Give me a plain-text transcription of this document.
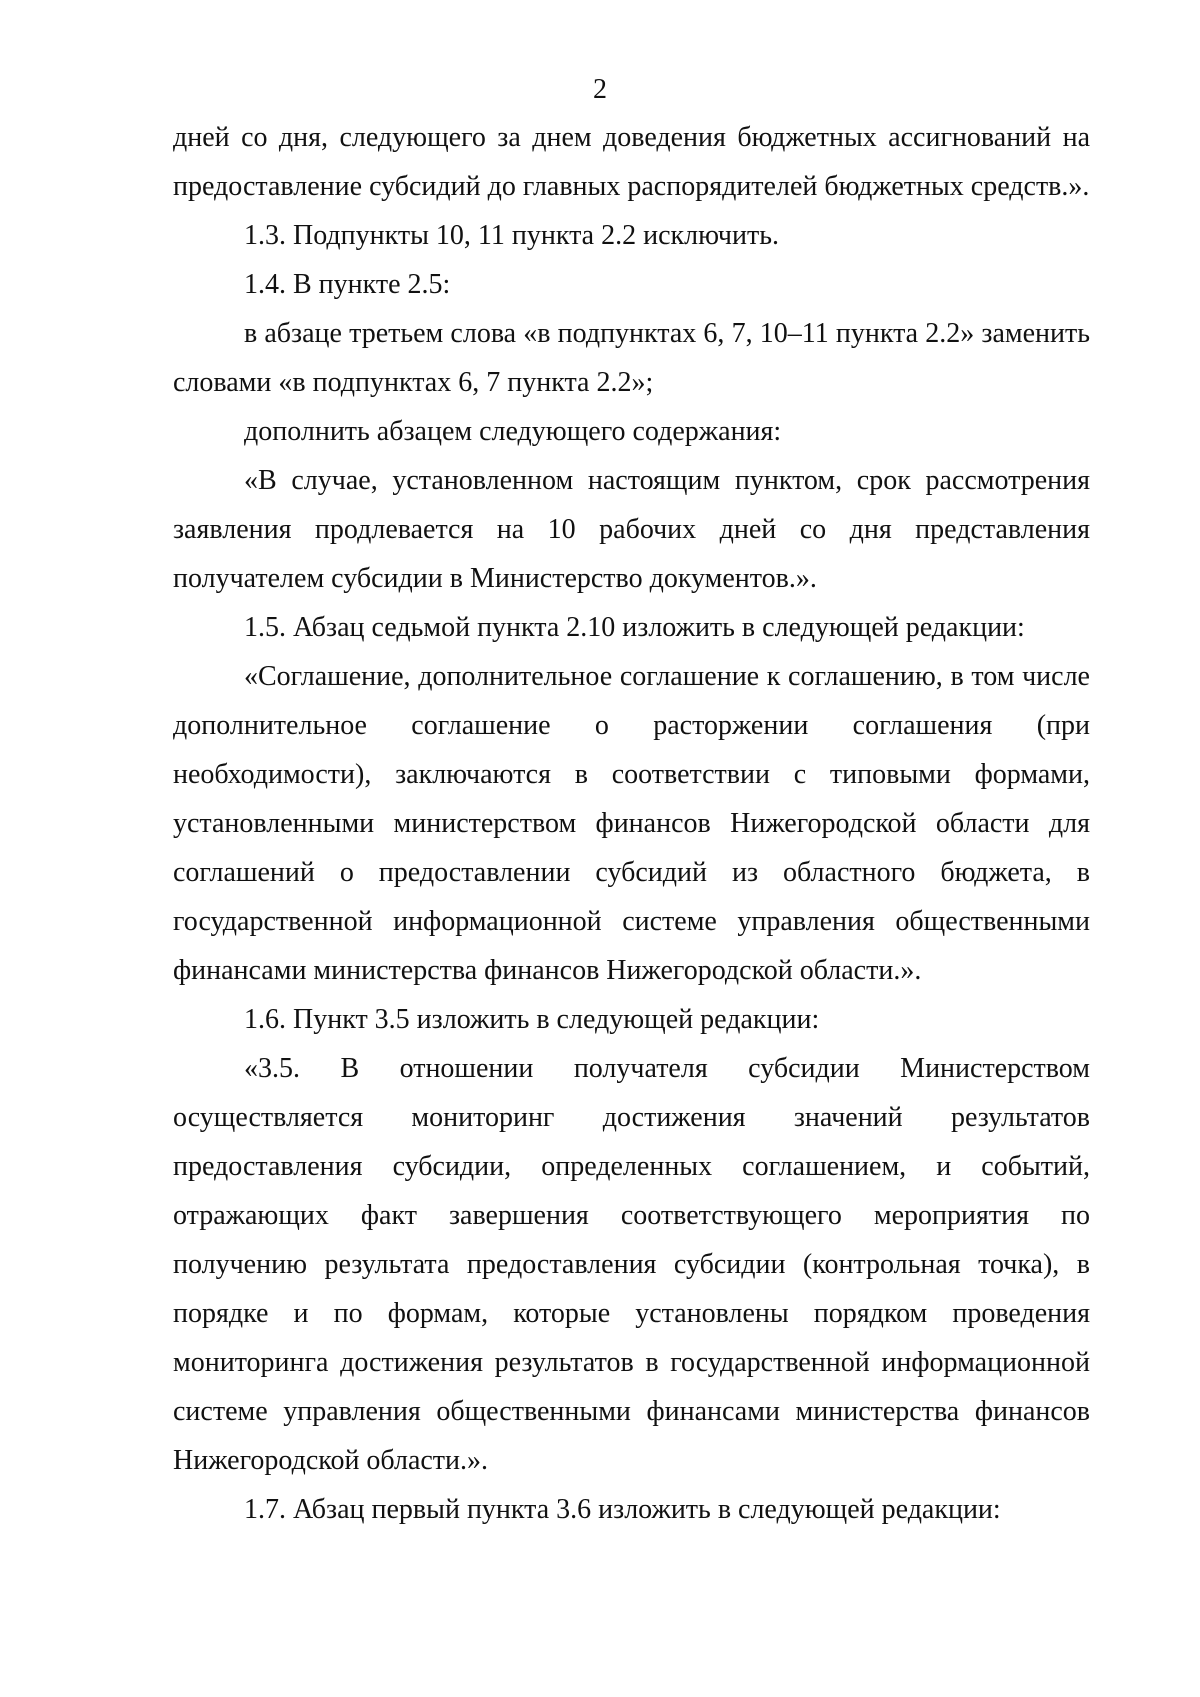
2

дней со дня, следующего за днем доведения бюджетных ассигнований на предоставление субсидий до главных распорядителей бюджетных средств.».

1.3. Подпункты 10, 11 пункта 2.2 исключить.

1.4. В пункте 2.5:

в абзаце третьем слова «в подпунктах 6, 7, 10–11 пункта 2.2» заменить словами «в подпунктах 6, 7 пункта 2.2»;

дополнить абзацем следующего содержания:

«В случае, установленном настоящим пунктом, срок рассмотрения заявления продлевается на 10 рабочих дней со дня представления получателем субсидии в Министерство документов.».

1.5. Абзац седьмой пункта 2.10 изложить в следующей редакции:

«Соглашение, дополнительное соглашение к соглашению, в том числе дополнительное соглашение о расторжении соглашения (при необходимости), заключаются в соответствии с типовыми формами, установленными министерством финансов Нижегородской области для соглашений о предоставлении субсидий из областного бюджета, в государственной информационной системе управления общественными финансами министерства финансов Нижегородской области.».

1.6. Пункт 3.5 изложить в следующей редакции:

«3.5. В отношении получателя субсидии Министерством осуществляется мониторинг достижения значений результатов предоставления субсидии, определенных соглашением, и событий, отражающих факт завершения соответствующего мероприятия по получению результата предоставления субсидии (контрольная точка), в порядке и по формам, которые установлены порядком проведения мониторинга достижения результатов в государственной информационной системе управления общественными финансами министерства финансов Нижегородской области.».

1.7. Абзац первый пункта 3.6 изложить в следующей редакции:
